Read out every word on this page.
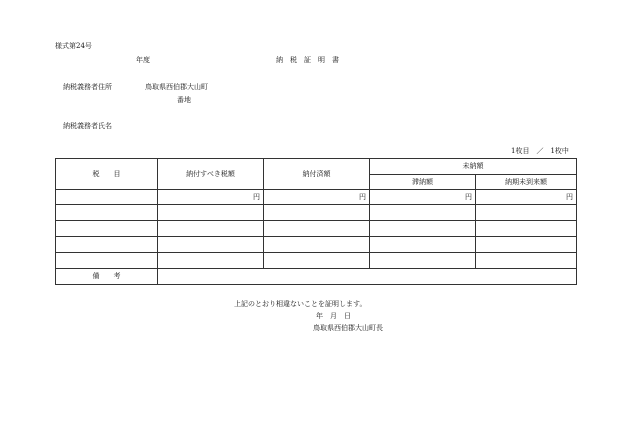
様式第24号
年度	納　税　証　明　書
納税義務者住所	鳥取県西伯郡大山町
番地
納税義務者氏名
1枚目　／　1枚中
税　　目	納付すべき税額	納付済額	未納額	
			滞納額	納期未到来額
	円	円	円	円

備　　考				
上記のとおり相違ないことを証明します。
年　月　日
鳥取県西伯郡大山町長
